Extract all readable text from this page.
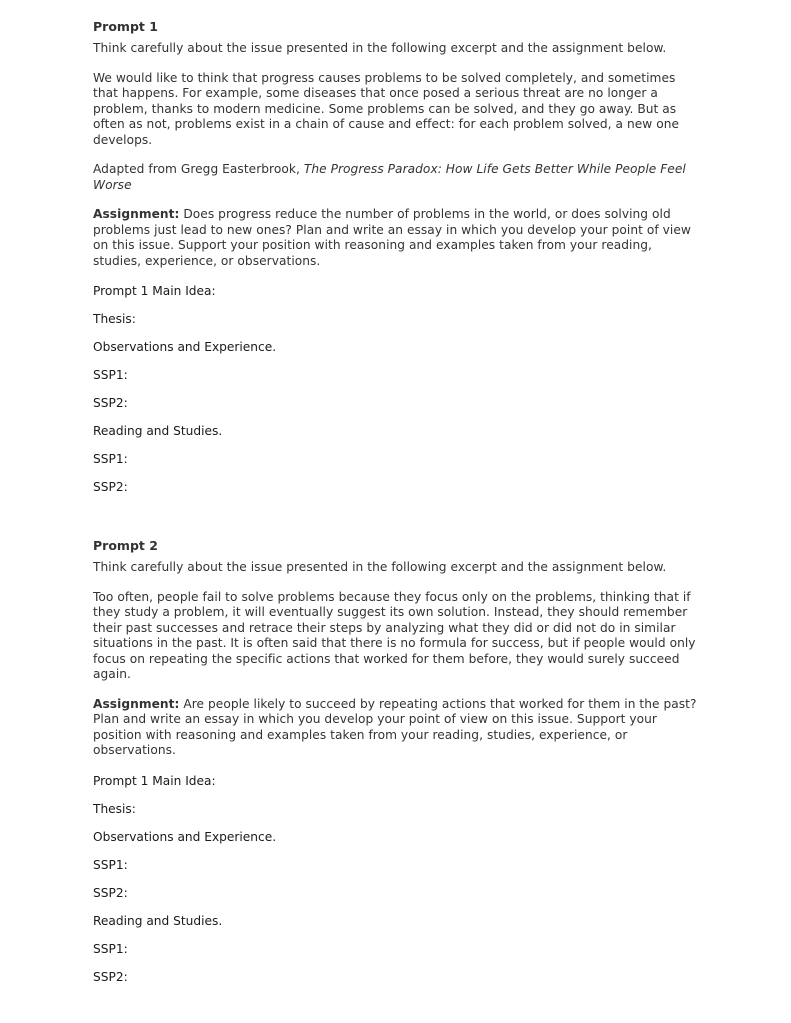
Prompt 1
Think carefully about the issue presented in the following excerpt and the assignment below.
We would like to think that progress causes problems to be solved completely, and sometimes that happens. For example, some diseases that once posed a serious threat are no longer a problem, thanks to modern medicine. Some problems can be solved, and they go away. But as often as not, problems exist in a chain of cause and effect: for each problem solved, a new one develops.
Adapted from Gregg Easterbrook, The Progress Paradox: How Life Gets Better While People Feel Worse
Assignment: Does progress reduce the number of problems in the world, or does solving old problems just lead to new ones? Plan and write an essay in which you develop your point of view on this issue. Support your position with reasoning and examples taken from your reading, studies, experience, or observations.
Prompt 1 Main Idea:
Thesis:
Observations and Experience.
SSP1:
SSP2:
Reading and Studies.
SSP1:
SSP2:
Prompt 2
Think carefully about the issue presented in the following excerpt and the assignment below.
Too often, people fail to solve problems because they focus only on the problems, thinking that if they study a problem, it will eventually suggest its own solution. Instead, they should remember their past successes and retrace their steps by analyzing what they did or did not do in similar situations in the past. It is often said that there is no formula for success, but if people would only focus on repeating the specific actions that worked for them before, they would surely succeed again.
Assignment: Are people likely to succeed by repeating actions that worked for them in the past? Plan and write an essay in which you develop your point of view on this issue. Support your position with reasoning and examples taken from your reading, studies, experience, or observations.
Prompt 1 Main Idea:
Thesis:
Observations and Experience.
SSP1:
SSP2:
Reading and Studies.
SSP1:
SSP2:
